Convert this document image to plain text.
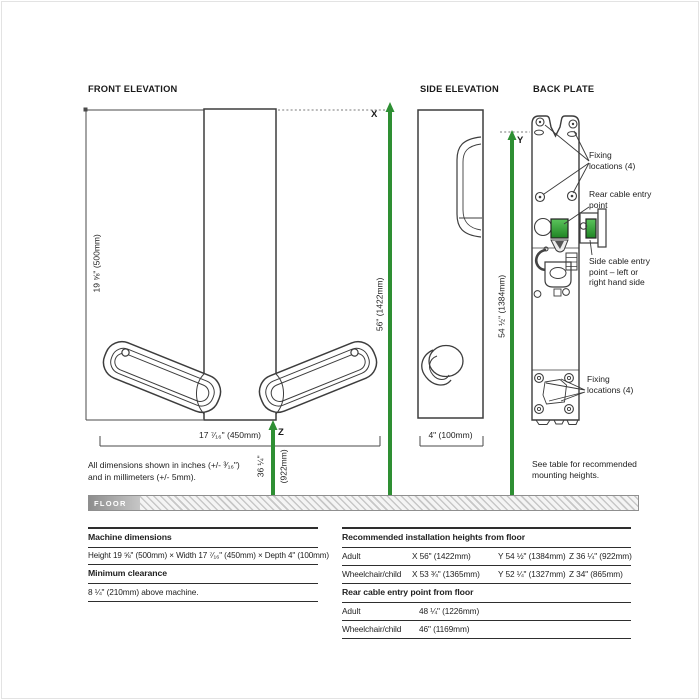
FRONT ELEVATION	SIDE ELEVATION	BACK PLATE
19 ⅝" (500mm)
17 ⁷⁄₁₆" (450mm)
X
56" (1422mm)
Z
36 ¼" (922mm)
4" (100mm)
Y
54 ½" (1384mm)
All dimensions shown in inches (+/- ³⁄₁₆")
and in millimeters (+/- 5mm).
Fixing locations (4)
Rear cable entry point
Side cable entry point – left or right hand side
Fixing locations (4)
See table for recommended mounting heights.
FLOOR
Machine dimensions
Height 19 ⅝" (500mm) × Width 17 ⁷⁄₁₆" (450mm) × Depth 4" (100mm)
Minimum clearance
8 ¼" (210mm) above machine.
Recommended installation heights from floor
Adult	X 56" (1422mm)	Y 54 ½" (1384mm) Z 36 ¼" (922mm)
Wheelchair/child	X 53 ¾" (1365mm)	Y 52 ¼" (1327mm) Z 34" (865mm)
Rear cable entry point from floor
Adult	48 ¼" (1226mm)
Wheelchair/child	46" (1169mm)
